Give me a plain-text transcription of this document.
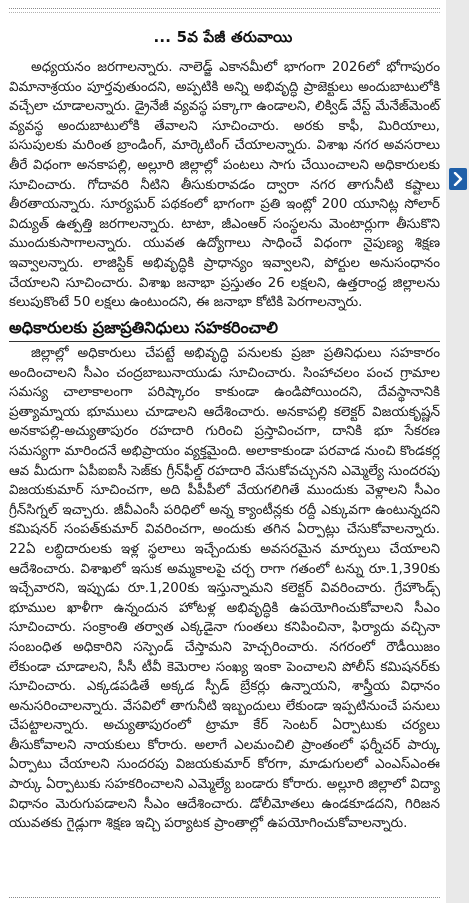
... 5వ పేజీ తరువాయి

అధ్యయనం జరగాలన్నారు. నాలెడ్జ్ ఎకానమీలో భాగంగా 2026లో భోగాపురం విమానాశ్రయం పూర్తవుతుందని, అప్పటికి అన్ని అభివృద్ధి ప్రాజెక్టులు అందుబాటులోకి వచ్చేలా చూడాలన్నారు. డ్రైనేజీ వ్యవస్థ పక్కాగా ఉండాలని, లిక్విడ్ వేస్ట్ మేనేజ్‌మెంట్ వ్యవస్థ అందుబాటులోకి తేవాలని సూచించారు. అరకు కాఫీ, మిరియాలు, పసుపులకు మరింత బ్రాండింగ్, మార్కెటింగ్ చేయాలన్నారు. విశాఖ నగర అవసరాలు తీరే విధంగా అనకాపల్లి, అల్లూరి జిల్లాల్లో పంటలు సాగు చేయించాలని అధికారులకు సూచించారు. గోదావరి నీటిని తీసుకురావడం ద్వారా నగర తాగునీటి కష్టాలు తీరతాయన్నారు. సూర్యఘర్ పథకంలో భాగంగా ప్రతి ఇంట్లో 200 యూనిట్ల సోలార్ విద్యుత్ ఉత్పత్తి జరగాలన్నారు. టాటా, జీఎంఆర్ సంస్థలను మెంటార్లుగా తీసుకొని ముందుకుసాగాలన్నారు. యువత ఉద్యోగాలు సాధించే విధంగా నైపుణ్య శిక్షణ ఇవ్వాలన్నారు. లాజిస్టిక్ అభివృద్ధికి ప్రాధాన్యం ఇవ్వాలని, పోర్టుల అనుసంధానం చేయాలని సూచించారు. విశాఖ జనాభా ప్రస్తుతం 26 లక్షలని, ఉత్తరాంధ్ర జిల్లాలను కలుపుకొంటే 50 లక్షలు ఉంటుందని, ఈ జనాభా కోటికి పెరగాలన్నారు.

అధికారులకు ప్రజాప్రతినిధులు సహకరించాలి

జిల్లాల్లో అధికారులు చేపట్టే అభివృద్ధి పనులకు ప్రజా ప్రతినిధులు సహకారం అందించాలని సీఎం చంద్రబాబునాయుడు సూచించారు. సింహాచలం పంచ గ్రామాల సమస్య చాలాకాలంగా పరిష్కారం కాకుండా ఉండిపోయిందని, దేవస్థానానికి ప్రత్యామ్నాయ భూములు చూడాలని ఆదేశించారు. అనకాపల్లి కలెక్టర్ విజయకృష్ణన్ అనకాపల్లి-అచ్యుతాపురం రహదారి గురించి ప్రస్తావించగా, దానికి భూ సేకరణ సమస్యగా మారిందనే అభిప్రాయం వ్యక్తమైంది. అలాకాకుండా పరవాడ నుంచి కొండకర్ల ఆవ మీదుగా ఏపీఐఐసీ సెజ్‌కు గ్రీన్‌ఫీల్డ్ రహదారి వేసుకోవచ్చునని ఎమ్మెల్యే సుందరపు విజయకుమార్ సూచించగా, అది పీపీపీలో వేయగలిగితే ముందుకు వెళ్లాలని సీఎం గ్రీన్‌సిగ్నల్ ఇచ్చారు. జీవీఎంసీ పరిధిలో అన్న క్యాంటీన్లకు రద్దీ ఎక్కువగా ఉంటున్నదని కమిషనర్ సంపత్‌కుమార్ వివరించగా, అందుకు తగిన ఏర్పాట్లు చేసుకోవాలన్నారు. 22ఏ లబ్ధిదారులకు ఇళ్ల స్థలాలు ఇచ్చేందుకు అవసరమైన మార్పులు చేయాలని ఆదేశించారు. విశాఖలో ఇసుక అమ్మకాలపై చర్చ రాగా గతంలో టన్ను రూ.1,390కు ఇచ్చేవారని, ఇప్పుడు రూ.1,200కు ఇస్తున్నామని కలెక్టర్ వివరించారు. గ్రేహౌండ్స్ భూముల ఖాళీగా ఉన్నందున హోటళ్ల అభివృద్ధికి ఉపయోగించుకోవాలని సీఎం సూచించారు. సంక్రాంతి తర్వాత ఎక్కడైనా గుంతలు కనిపించినా, ఫిర్యాదు వచ్చినా సంబంధిత అధికారిని సస్పెండ్ చేస్తామని హెచ్చరించారు. నగరంలో రౌడీయిజం లేకుండా చూడాలని, సీసీ టీవీ కెమెరాల సంఖ్య ఇంకా పెంచాలని పోలీస్ కమిషనర్‌కు సూచించారు. ఎక్కడపడితే అక్కడ స్పీడ్ బ్రేకర్లు ఉన్నాయని, శాస్త్రీయ విధానం అనుసరించాలన్నారు. వేసవిలో తాగునీటి ఇబ్బందులు లేకుండా ఇప్పటినుంచే పనులు చేపట్టాలన్నారు. అచ్యుతాపురంలో ట్రామా కేర్ సెంటర్ ఏర్పాటుకు చర్యలు తీసుకోవాలని నాయకులు కోరారు. అలాగే ఎలమంచిలి ప్రాంతంలో ఫర్నీచర్ పార్కు ఏర్పాటు చేయాలని సుందరపు విజయకుమార్ కోరగా, మాడుగులలో ఎంఎస్ఎంఈ పార్కు ఏర్పాటుకు సహకరించాలని ఎమ్మెల్యే బండారు కోరారు. అల్లూరి జిల్లాలో విద్యా విధానం మెరుగుపడాలని సీఎం ఆదేశించారు. డోలీమోతలు ఉండకూడదని, గిరిజన యువతకు గైడ్లుగా శిక్షణ ఇచ్చి పర్యాటక ప్రాంతాల్లో ఉపయోగించుకోవాలన్నారు.
